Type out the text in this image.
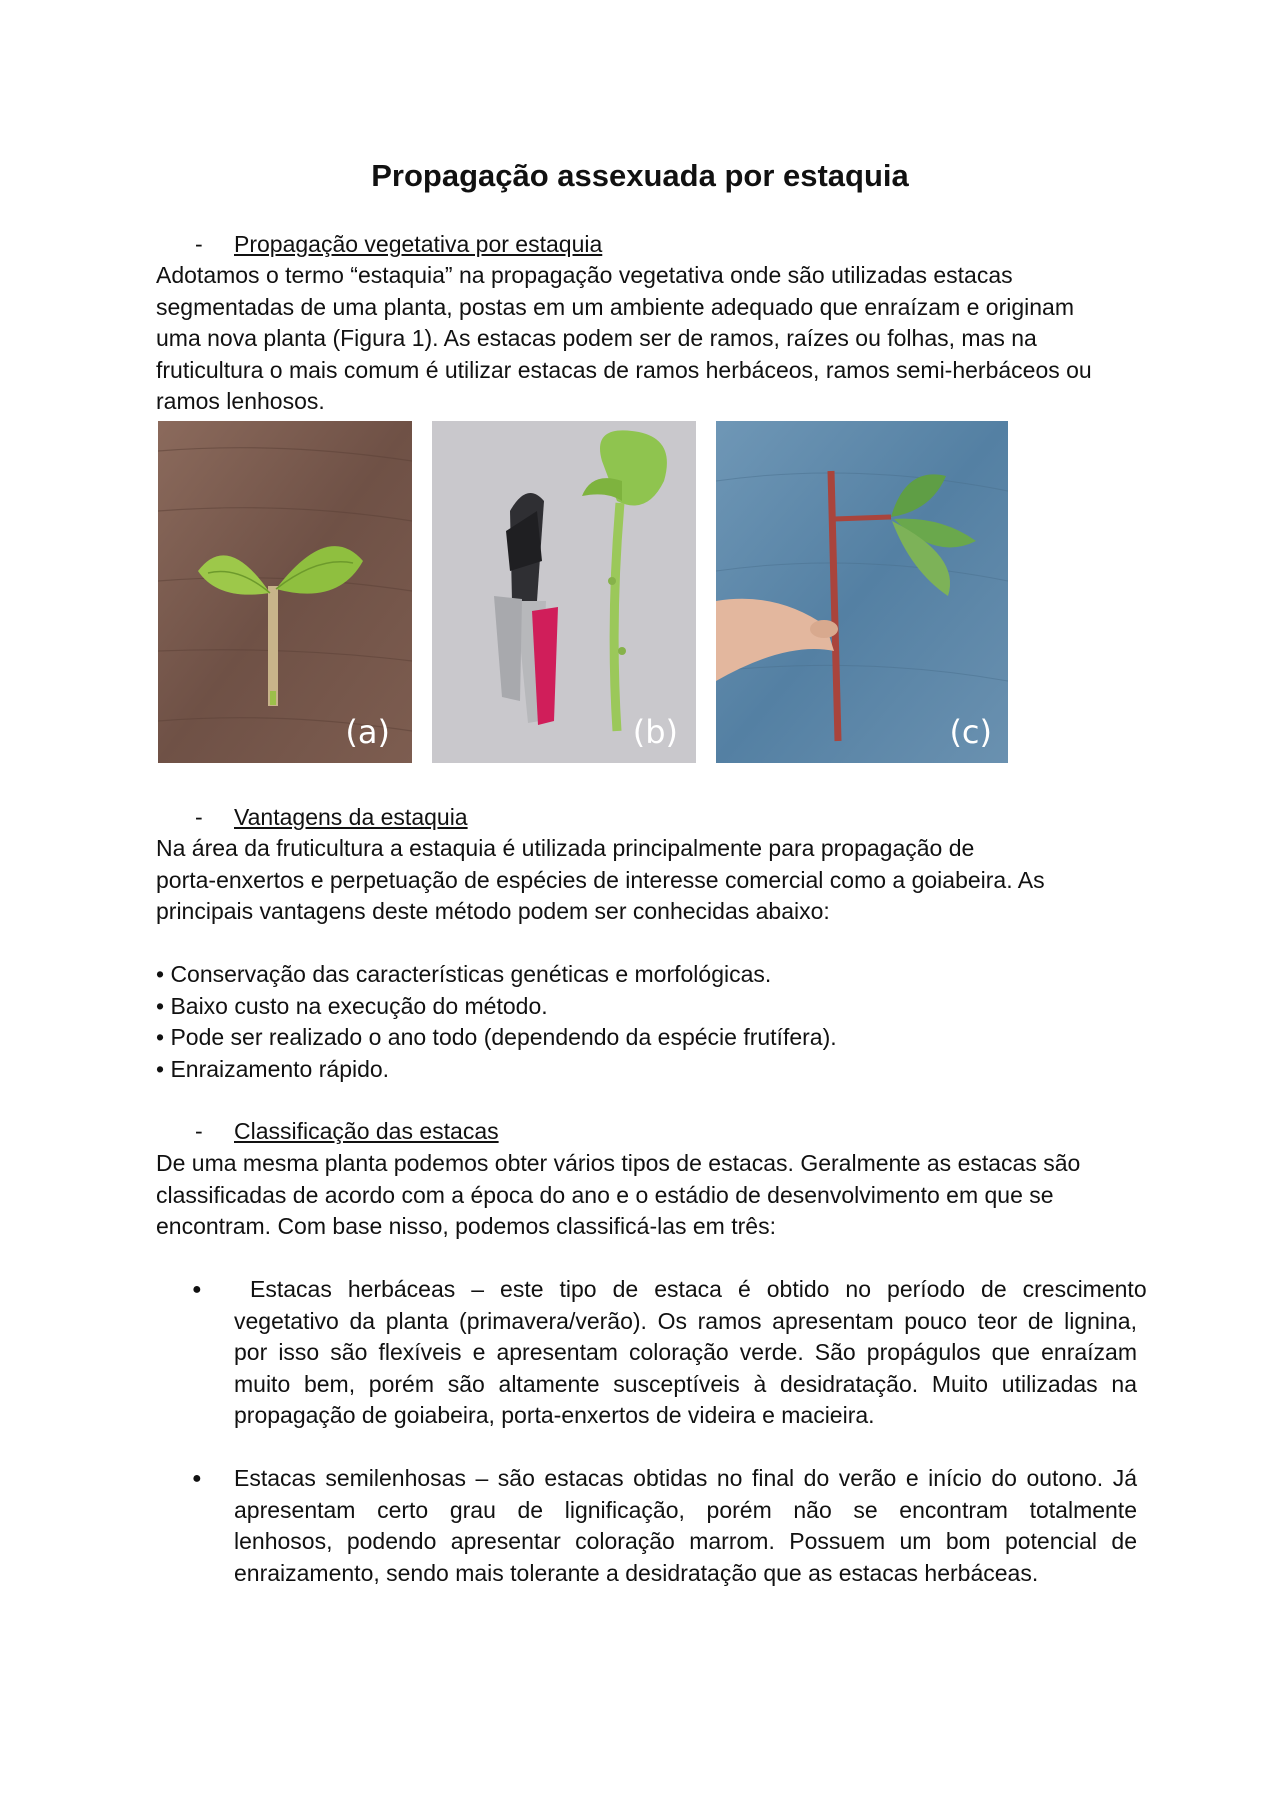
Propagação assexuada por estaquia
- Propagação vegetativa por estaquia
Adotamos o termo “estaquia” na propagação vegetativa onde são utilizadas estacas
segmentadas de uma planta, postas em um ambiente adequado que enraízam e originam
uma nova planta (Figura 1). As estacas podem ser de ramos, raízes ou folhas, mas na
fruticultura o mais comum é utilizar estacas de ramos herbáceos, ramos semi-herbáceos ou
ramos lenhosos.
(a)	(b)	(c)
- Vantagens da estaquia
Na área da fruticultura a estaquia é utilizada principalmente para propagação de
porta-enxertos e perpetuação de espécies de interesse comercial como a goiabeira. As
principais vantagens deste método podem ser conhecidas abaixo:
• Conservação das características genéticas e morfológicas.
• Baixo custo na execução do método.
• Pode ser realizado o ano todo (dependendo da espécie frutífera).
• Enraizamento rápido.
- Classificação das estacas
De uma mesma planta podemos obter vários tipos de estacas. Geralmente as estacas são
classificadas de acordo com a época do ano e o estádio de desenvolvimento em que se
encontram. Com base nisso, podemos classificá-las em três:
● Estacas herbáceas – este tipo de estaca é obtido no período de crescimento
vegetativo da planta (primavera/verão). Os ramos apresentam pouco teor de lignina,
por isso são flexíveis e apresentam coloração verde. São propágulos que enraízam
muito bem, porém são altamente susceptíveis à desidratação. Muito utilizadas na
propagação de goiabeira, porta-enxertos de videira e macieira.
● Estacas semilenhosas – são estacas obtidas no final do verão e início do outono. Já
apresentam certo grau de lignificação, porém não se encontram totalmente
lenhosos, podendo apresentar coloração marrom. Possuem um bom potencial de
enraizamento, sendo mais tolerante a desidratação que as estacas herbáceas.
